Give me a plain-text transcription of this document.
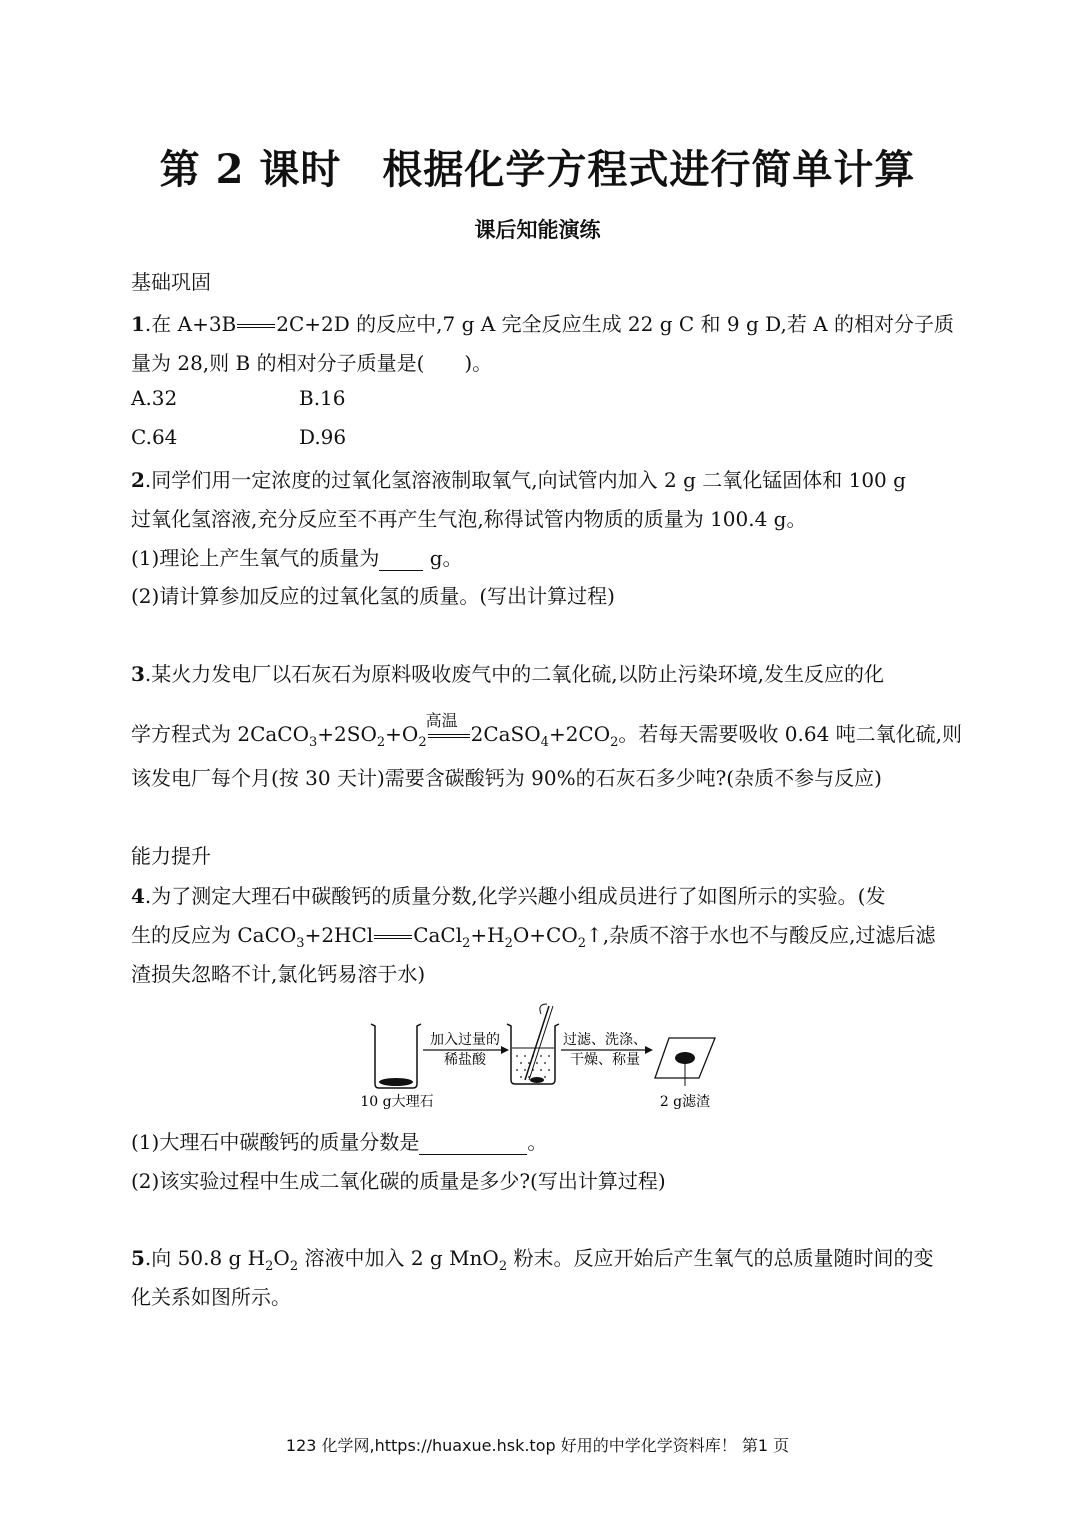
第 2 课时　根据化学方程式进行简单计算
课后知能演练
基础巩固
1.在 A+3B 2C+2D 的反应中,7 g A 完全反应生成 22 g C 和 9 g D,若 A 的相对分子质
量为 28,则 B 的相对分子质量是(　　)。
A.32	B.16
C.64	D.96
2.同学们用一定浓度的过氧化氢溶液制取氧气,向试管内加入 2 g 二氧化锰固体和 100 g
过氧化氢溶液,充分反应至不再产生气泡,称得试管内物质的质量为 100.4 g。
(1)理论上产生氧气的质量为  g。
(2)请计算参加反应的过氧化氢的质量。(写出计算过程)
3.某火力发电厂以石灰石为原料吸收废气中的二氧化硫,以防止污染环境,发生反应的化
学方程式为 $2CaCO_3+2SO_2+O_2$
高温
$2CaSO_4+2CO_2$。若每天需要吸收 0.64 吨二氧化硫,则
该发电厂每个月(按 30 天计)需要含碳酸钙为 90%的石灰石多少吨?(杂质不参与反应)
能力提升
4.为了测定大理石中碳酸钙的质量分数,化学兴趣小组成员进行了如图所示的实验。(发
生的反应为 CaCO$_3$+2HCl $CaCl_2+H_2O+CO_2↑$,杂质不溶于水也不与酸反应,过滤后滤
渣损失忽略不计,氯化钙易溶于水)
加入过量的
稀盐酸
过滤、洗涤、
干燥、称量
10 g大理石	2 g滤渣
(1)大理石中碳酸钙的质量分数是	。
(2)该实验过程中生成二氧化碳的质量是多少?(写出计算过程)
5.向 50.8 g $H_2O_2$ 溶液中加入 2 g MnO$_2$ 粉末。反应开始后产生氧气的总质量随时间的变
化关系如图所示。
123 化学网,https://huaxue.hsk.top 好用的中学化学资料库！ 第1 页
